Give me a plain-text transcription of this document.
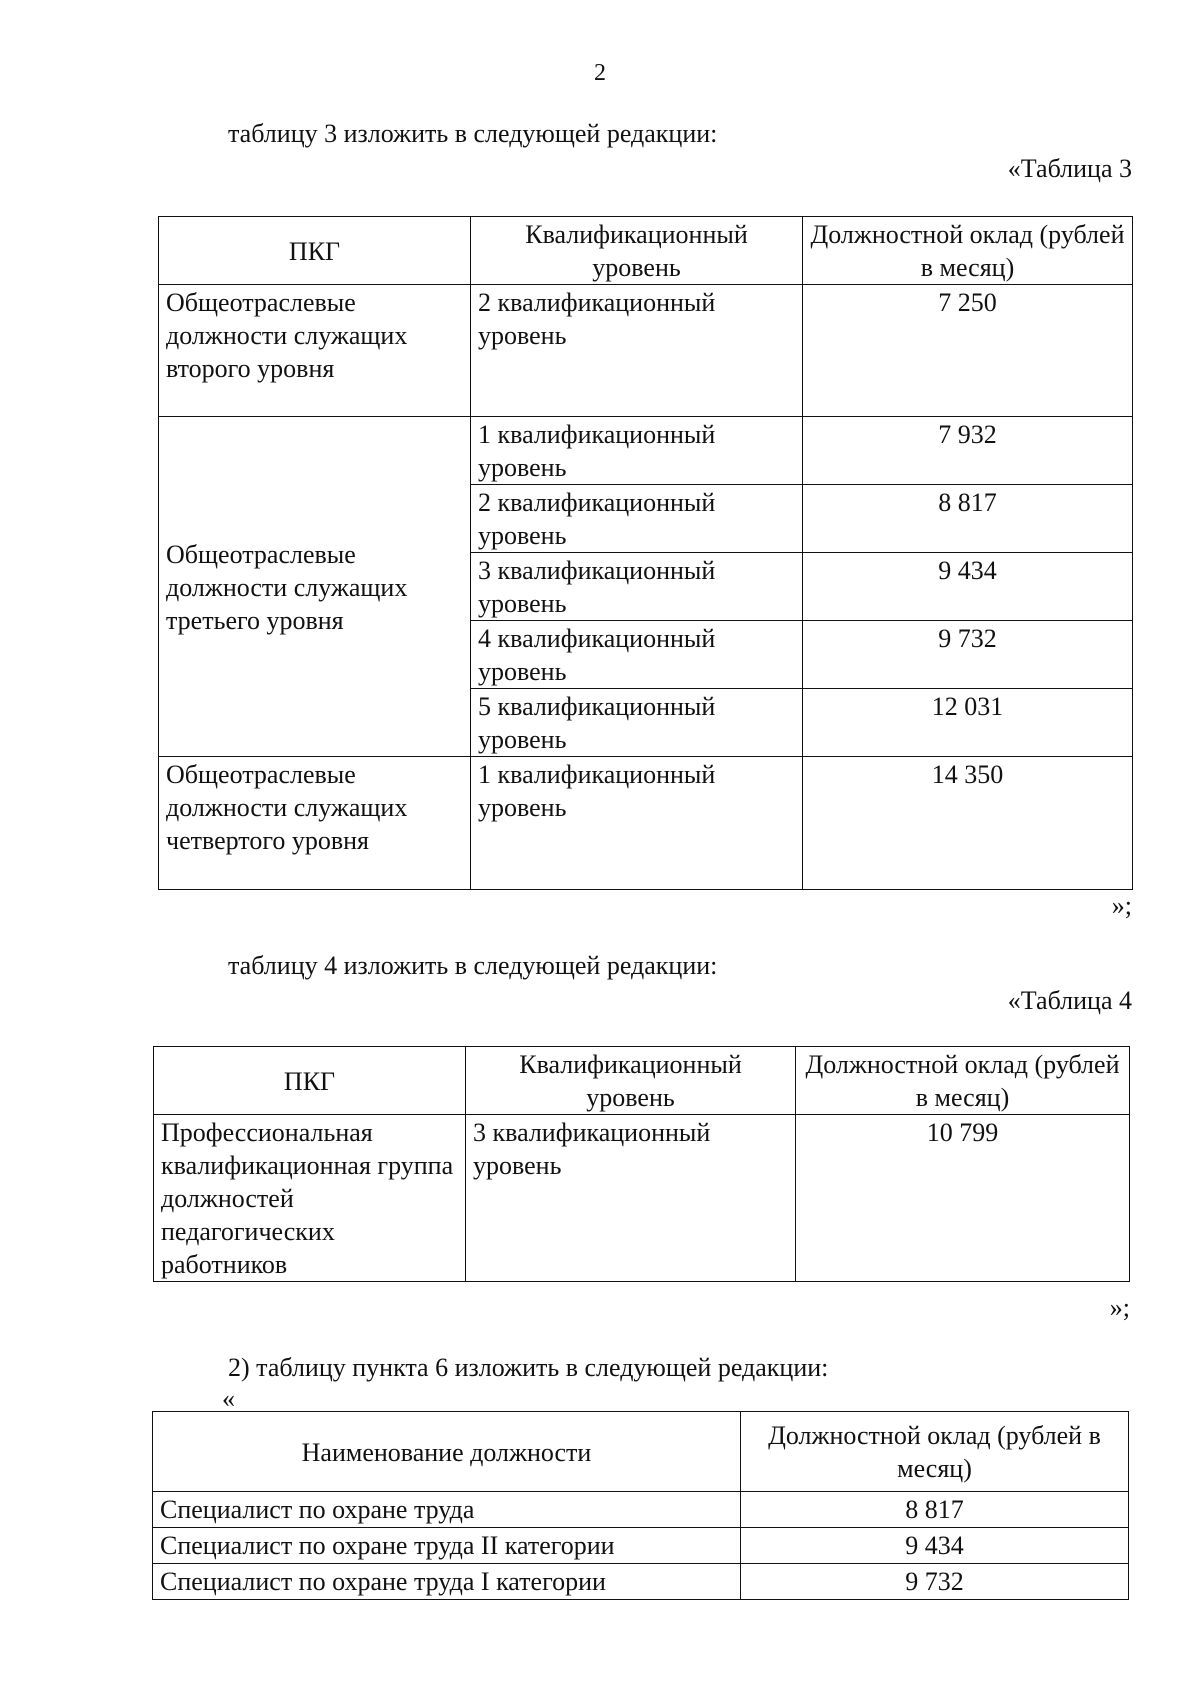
2
таблицу 3 изложить в следующей редакции:
«Таблица 3
ПКГ	Квалификационный уровень	Должностной оклад (рублей в месяц)
Общеотраслевые должности служащих второго уровня	2 квалификационный уровень	7 250
Общеотраслевые должности служащих третьего уровня	1 квалификационный уровень	7 932
	2 квалификационный уровень	8 817
	3 квалификационный уровень	9 434
	4 квалификационный уровень	9 732
	5 квалификационный уровень	12 031
Общеотраслевые должности служащих четвертого уровня	1 квалификационный уровень	14 350
»;
таблицу 4 изложить в следующей редакции:
«Таблица 4
ПКГ	Квалификационный уровень	Должностной оклад (рублей в месяц)
Профессиональная квалификационная группа должностей педагогических работников	3 квалификационный уровень	10 799
»;
2) таблицу пункта 6 изложить в следующей редакции:
«
Наименование должности	Должностной оклад (рублей в месяц)
Специалист по охране труда	8 817
Специалист по охране труда II категории	9 434
Специалист по охране труда I категории	9 732
